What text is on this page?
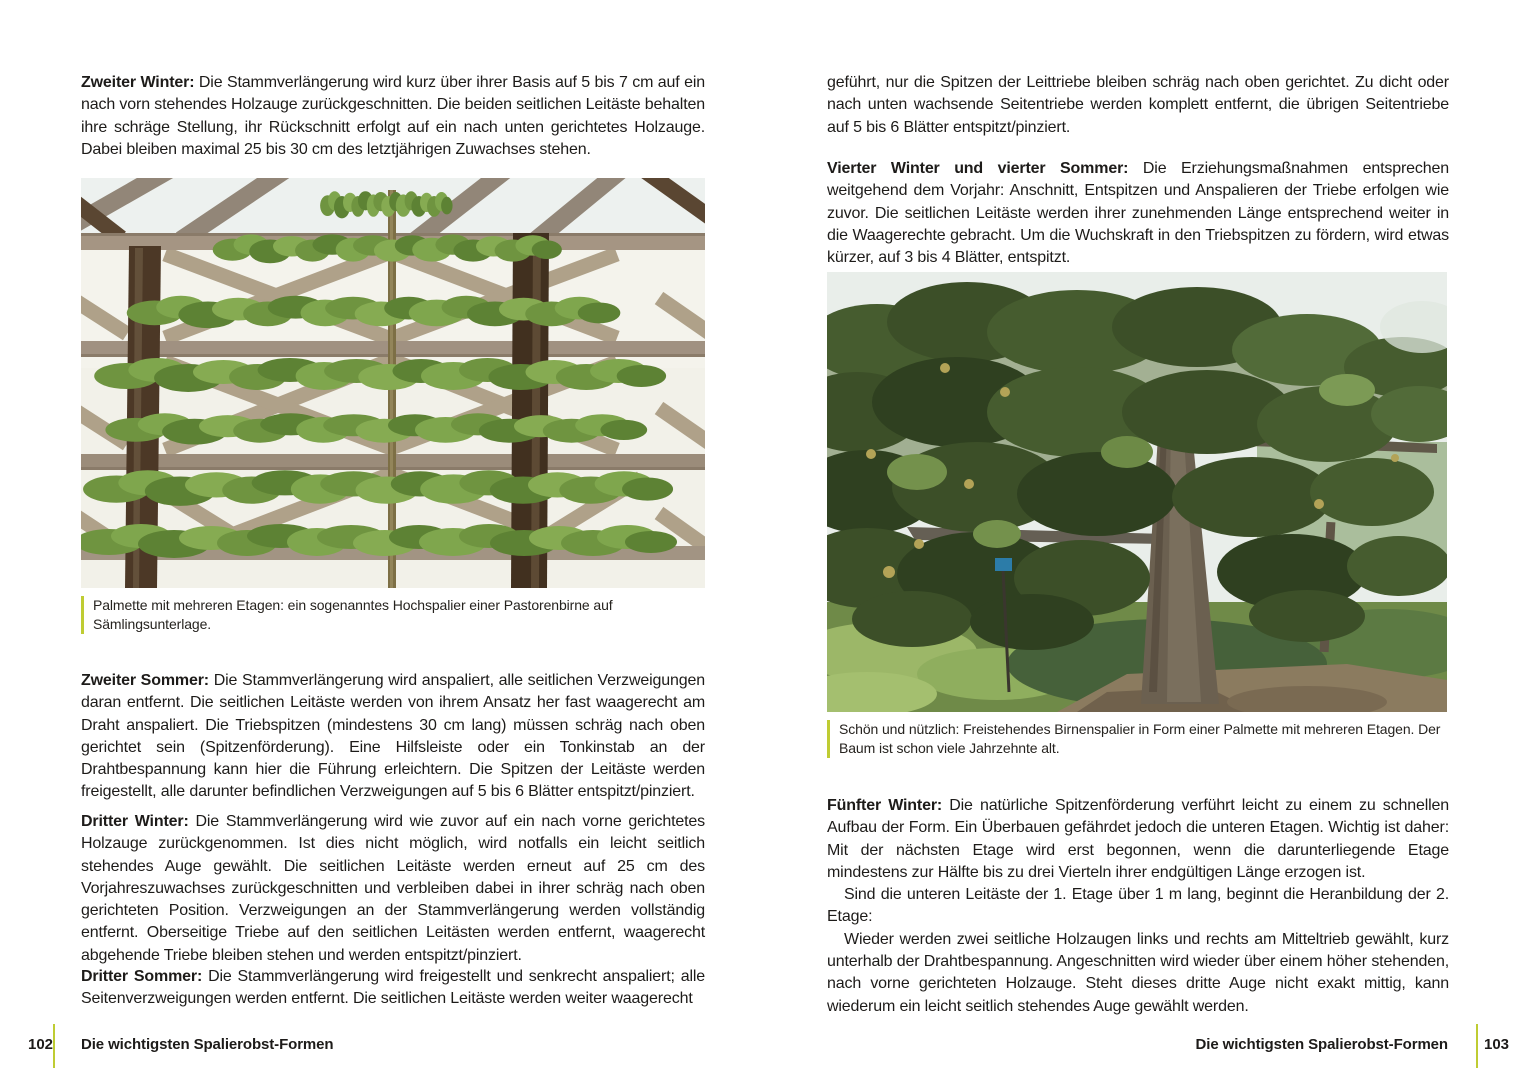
Zweiter Winter: Die Stammverlängerung wird kurz über ihrer Basis auf 5 bis 7 cm auf ein nach vorn stehendes Holzauge zurückgeschnitten. Die beiden seitlichen Leitäste behalten ihre schräge Stellung, ihr Rückschnitt erfolgt auf ein nach unten gerichtetes Holzauge. Dabei bleiben maximal 25 bis 30 cm des letztjährigen Zuwachses stehen.

Palmette mit mehreren Etagen: ein sogenanntes Hochspalier einer Pastorenbirne auf Sämlingsunterlage.

Zweiter Sommer: Die Stammverlängerung wird anspaliert, alle seitlichen Verzweigungen daran entfernt. Die seitlichen Leitäste werden von ihrem Ansatz her fast waagerecht am Draht anspaliert. Die Triebspitzen (mindestens 30 cm lang) müssen schräg nach oben gerichtet sein (Spitzenförderung). Eine Hilfsleiste oder ein Tonkinstab an der Drahtbespannung kann hier die Führung erleichtern. Die Spitzen der Leitäste werden freigestellt, alle darunter befindlichen Verzweigungen auf 5 bis 6 Blätter entspitzt/pinziert.

Dritter Winter: Die Stammverlängerung wird wie zuvor auf ein nach vorne gerichtetes Holzauge zurückgenommen. Ist dies nicht möglich, wird notfalls ein leicht seitlich stehendes Auge gewählt. Die seitlichen Leitäste werden erneut auf 25 cm des Vorjahreszuwachses zurückgeschnitten und verbleiben dabei in ihrer schräg nach oben gerichteten Position. Verzweigungen an der Stammverlängerung werden vollständig entfernt. Oberseitige Triebe auf den seitlichen Leitästen werden entfernt, waagerecht abgehende Triebe bleiben stehen und werden entspitzt/pinziert.

Dritter Sommer: Die Stammverlängerung wird freigestellt und senkrecht anspaliert; alle Seitenverzweigungen werden entfernt. Die seitlichen Leitäste werden weiter waagerecht

geführt, nur die Spitzen der Leittriebe bleiben schräg nach oben gerichtet. Zu dicht oder nach unten wachsende Seitentriebe werden komplett entfernt, die übrigen Seitentriebe auf 5 bis 6 Blätter entspitzt/pinziert.

Vierter Winter und vierter Sommer: Die Erziehungsmaßnahmen entsprechen weitgehend dem Vorjahr: Anschnitt, Entspitzen und Anspalieren der Triebe erfolgen wie zuvor. Die seitlichen Leitäste werden ihrer zunehmenden Länge entsprechend weiter in die Waagerechte gebracht. Um die Wuchskraft in den Triebspitzen zu fördern, wird etwas kürzer, auf 3 bis 4 Blätter, entspitzt.

Schön und nützlich: Freistehendes Birnenspalier in Form einer Palmette mit mehreren Etagen. Der Baum ist schon viele Jahrzehnte alt.

Fünfter Winter: Die natürliche Spitzenförderung verführt leicht zu einem zu schnellen Aufbau der Form. Ein Überbauen gefährdet jedoch die unteren Etagen. Wichtig ist daher: Mit der nächsten Etage wird erst begonnen, wenn die darunterliegende Etage mindestens zur Hälfte bis zu drei Vierteln ihrer endgültigen Länge erzogen ist.

Sind die unteren Leitäste der 1. Etage über 1 m lang, beginnt die Heranbildung der 2. Etage:

Wieder werden zwei seitliche Holzaugen links und rechts am Mitteltrieb gewählt, kurz unterhalb der Drahtbespannung. Angeschnitten wird wieder über einem höher stehenden, nach vorne gerichteten Holzauge. Steht dieses dritte Auge nicht exakt mittig, kann wiederum ein leicht seitlich stehendes Auge gewählt werden.

102 Die wichtigsten Spalierobst-Formen	Die wichtigsten Spalierobst-Formen 103
